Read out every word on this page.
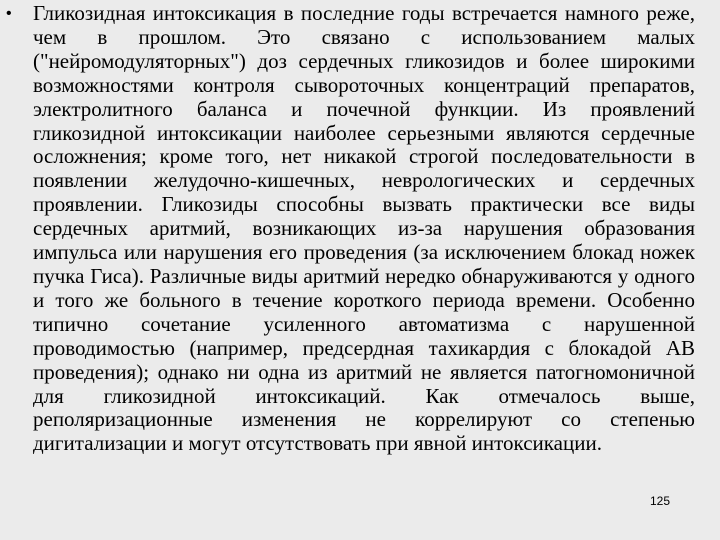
• Гликозидная интоксикация в последние годы встречается намного реже, чем в прошлом. Это связано с использованием малых ("нейромодуляторных") доз сердечных гликозидов и более широкими возможностями контроля сывороточных концентраций препаратов, электролитного баланса и почечной функции. Из проявлений гликозидной интоксикации наиболее серьезными являются сердечные осложнения; кроме того, нет никакой строгой последовательности в появлении желудочно-кишечных, неврологических и сердечных проявлении. Гликозиды способны вызвать практически все виды сердечных аритмий, возникающих из-за нарушения образования импульса или нарушения его проведения (за исключением блокад ножек пучка Гиса). Различные виды аритмий нередко обнаруживаются у одного и того же больного в течение короткого периода времени. Особенно типично сочетание усиленного автоматизма с нарушенной проводимостью (например, предсердная тахикардия с блокадой АВ проведения); однако ни одна из аритмий не является патогномоничной для гликозидной интоксикаций. Как отмечалось выше, реполяризационные изменения не коррелируют со степенью дигитализации и могут отсутствовать при явной интоксикации.
125
